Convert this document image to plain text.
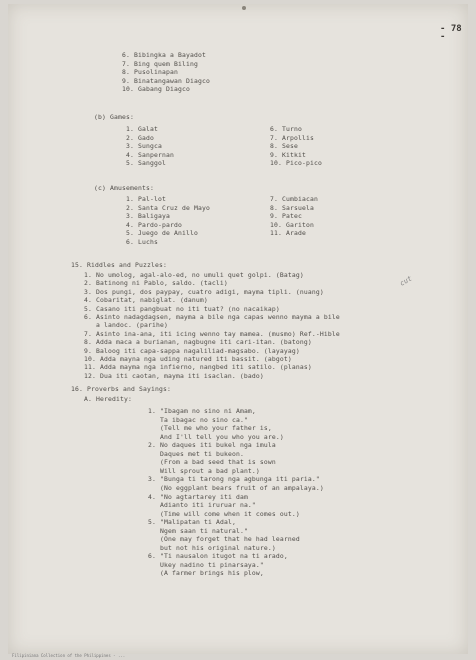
- 78 -
cut
6. Bibingka a Bayadot
7. Bing quem Biling
8. Pusolinapan
9. Binatangawan Diagco
10. Gabang Diagco
(b) Games:
1. Galat
2. Gado
3. Sungca
4. Sanpernan
5. Sanggol
6. Turno
7. Arpollis
8. Sese
9. Kitkit
10. Pico-pico
(c) Amusements:
1. Pal-lot
2. Santa Cruz de Mayo
3. Baligaya
4. Pardo-pardo
5. Juego de Anillo
6. Luchs
7. Cumbiacan
8. Sarsuela
9. Patec
10. Gariton
11. Arade
15. Riddles and Puzzles:
1. No umolog, agal-alo-ed, no umuli quet golpi. (Batag)
2. Batinong ni Pablo, saldo. (tacli)
3. Dos pungi, dos paypay, cuatro adigi, mayma tipli. (nuang)
4. Cobaritat, nabiglat. (danum)
5. Casano iti pangbuat no iti tuat? (no nacaikap)
6. Asinto nadagdagsen, mayma a bile nga capas wenno mayma a bile
a landoc. (parihe)
7. Asinto ina-ana, iti icing wenno tay mamea. (musmo) Ref.-Hible
8. Adda maca a burianan, nagbugne iti cari-itan. (batong)
9. Baloog iti capa-sappa nagaliliad-magsabo. (layayag)
10. Adda mayna nga uding natured iti bassit. (abgot)
11. Adda mayma nga infierno, nangbed iti satilo. (planas)
12. Dua iti caotan, mayma iti isaclan. (bado)
16. Proverbs and Sayings:
A. Heredity:
1. "Ibagam no sino ni Amam,
Ta ibagac no sino ca."
(Tell me who your father is,
And I'll tell you who you are.)
2. No daques iti bukel nga imula
Daques met ti bukeon.
(From a bad seed that is sown
Will sprout a bad plant.)
3. "Bunga ti tarong nga agbunga iti paria."
(No eggplant bears fruit of an ampalaya.)
4. "No agtartarey iti dam
Adianto iti iruruar na."
(Time will come when it comes out.)
5. "Malipatan ti Adal,
Ngem saan ti natural."
(One may forget that he had learned
but not his original nature.)
6. "Ti nausalon itugot na ti arado,
Ukey nadino ti pinarsaya."
(A farmer brings his plow,
Filipiniana Collection of the Philippines - ...
